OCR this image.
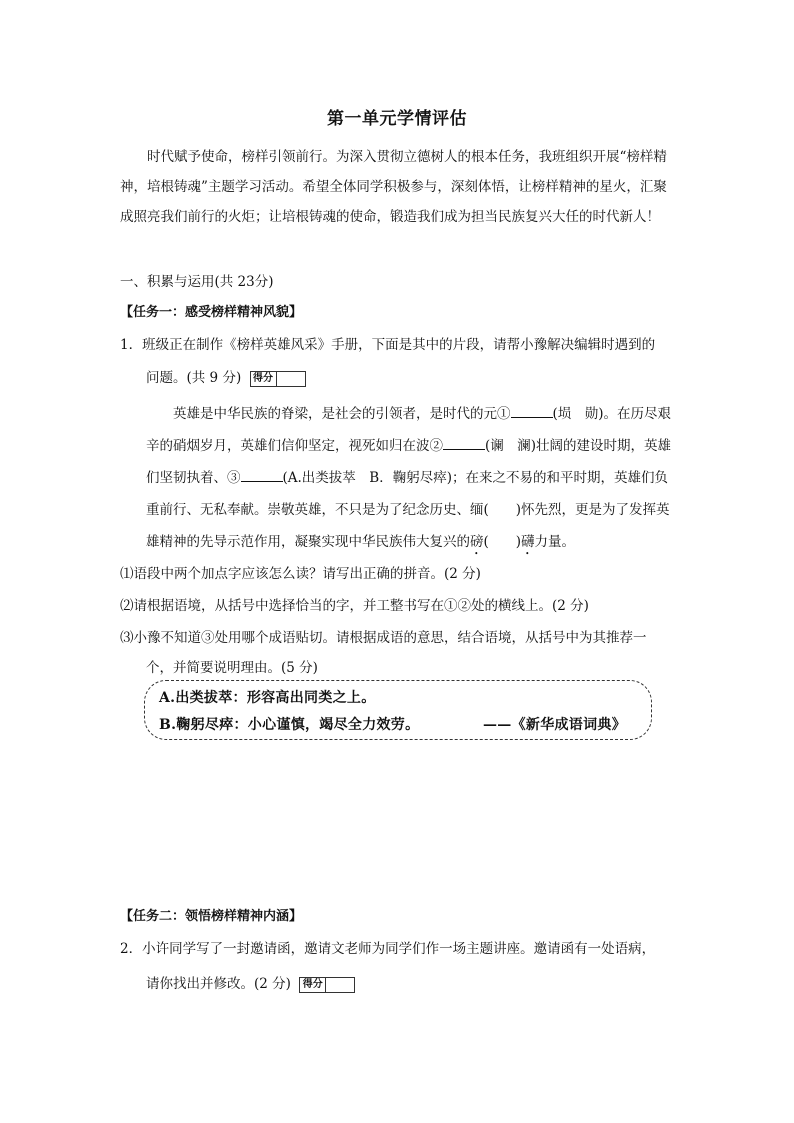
第一单元学情评估
时代赋予使命，榜样引领前行。为深入贯彻立德树人的根本任务，我班组织开展“榜样精神，培根铸魂”主题学习活动。希望全体同学积极参与，深刻体悟，让榜样精神的星火，汇聚成照亮我们前行的火炬；让培根铸魂的使命，锻造我们成为担当民族复兴大任的时代新人！
一、积累与运用(共 23分)
【任务一：感受榜样精神风貌】
1．班级正在制作《榜样英雄风采》手册，下面是其中的片段，请帮小豫解决编辑时遇到的
问题。(共 9 分) 得分
英雄是中华民族的脊梁，是社会的引领者，是时代的元①	(埙　勋)。在历尽艰辛的硝烟岁月，英雄们信仰坚定，视死如归在波②	(谰　澜)壮阔的建设时期，英雄们坚韧执着、③	(A.出类拔萃　B．鞠躬尽瘁)；在来之不易的和平时期，英雄们负重前行、无私奉献。崇敬英雄，不只是为了纪念历史、缅(　　)怀先烈，更是为了发挥英雄精神的先导示范作用，凝聚实现中华民族伟大复兴的磅(　　)礴力量。
⑴语段中两个加点字应该怎么读？请写出正确的拼音。(2 分)
⑵请根据语境，从括号中选择恰当的字，并工整书写在①②处的横线上。(2 分)
⑶小豫不知道③处用哪个成语贴切。请根据成语的意思，结合语境，从括号中为其推荐一
个，并简要说明理由。(5 分)
A.出类拔萃：形容高出同类之上。
B.鞠躬尽瘁：小心谨慎，竭尽全力效劳。	——《新华成语词典》
【任务二：领悟榜样精神内涵】
2．小许同学写了一封邀请函，邀请文老师为同学们作一场主题讲座。邀请函有一处语病，
请你找出并修改。(2 分) 得分
